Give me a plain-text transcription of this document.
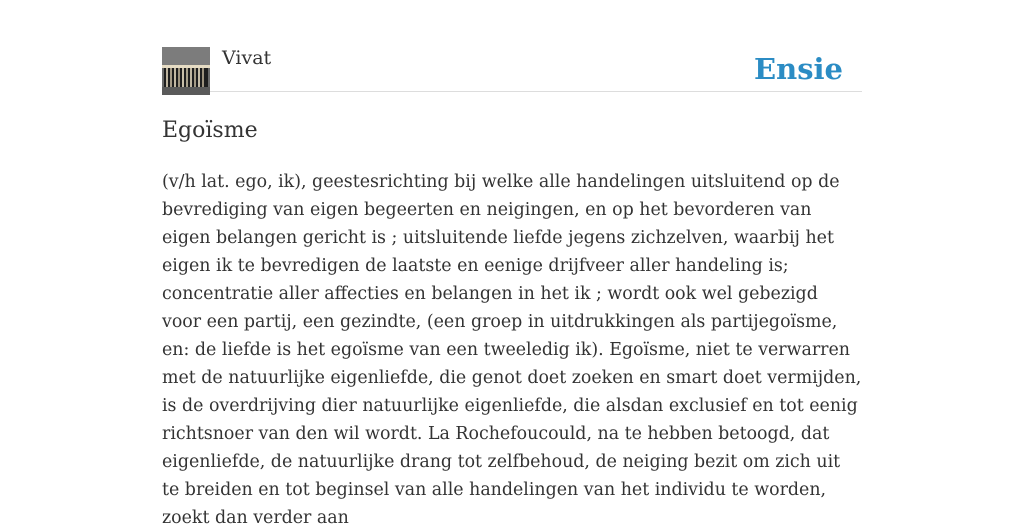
Vivat	Ensie
Egoïsme

(v/h lat. ego, ik), geestesrichting bij welke alle handelingen uitsluitend op de bevrediging van eigen begeerten en neigingen, en op het bevorderen van eigen belangen gericht is ; uitsluitende liefde jegens zichzelven, waarbij het eigen ik te bevredigen de laatste en eenige drijfveer aller handeling is; concentratie aller affecties en belangen in het ik ; wordt ook wel gebezigd voor een partij, een gezindte, (een groep in uitdrukkingen als partijegoïsme, en: de liefde is het egoïsme van een tweeledig ik). Egoïsme, niet te verwarren met de natuurlijke eigenliefde, die genot doet zoeken en smart doet vermijden, is de overdrijving dier natuurlijke eigenliefde, die alsdan exclusief en tot eenig richtsnoer van den wil wordt. La Rochefoucould, na te hebben betoogd, dat eigenliefde, de natuurlijke drang tot zelfbehoud, de neiging bezit om zich uit te breiden en tot beginsel van alle handelingen van het individu te worden, zoekt dan verder aan
